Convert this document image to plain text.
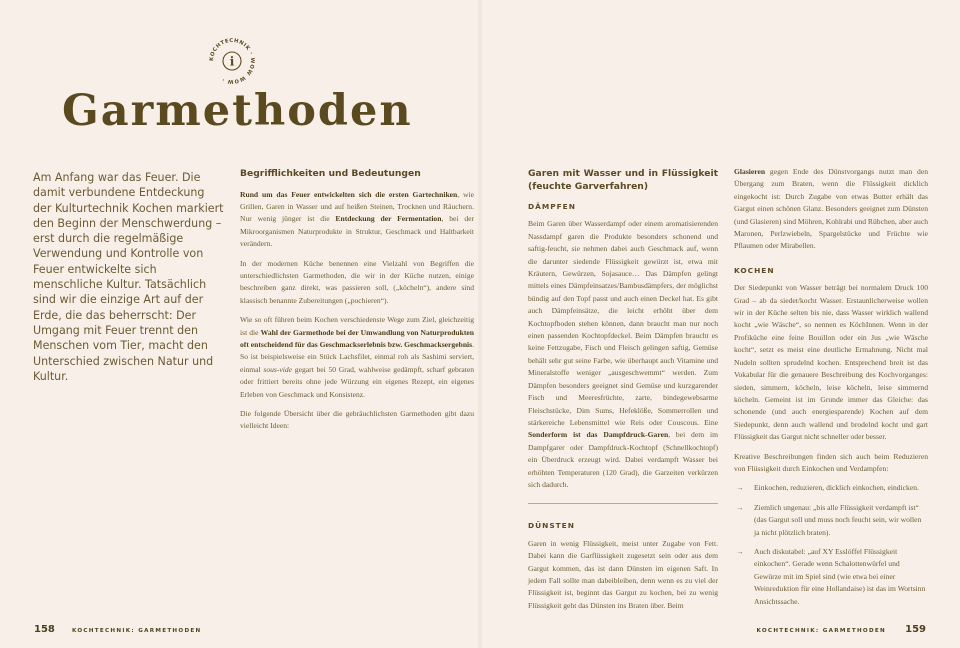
KOCHTECHNIK · WOW WOW ·
i
Garmethoden
Am Anfang war das Feuer. Die damit verbundene Entdeckung der Kulturtechnik Kochen markiert den Beginn der Menschwerdung – erst durch die regelmäßige Verwendung und Kontrolle von Feuer entwickelte sich menschliche Kultur. Tatsächlich sind wir die einzige Art auf der Erde, die das beherrscht: Der Umgang mit Feuer trennt den Menschen vom Tier, macht den Unterschied zwischen Natur und Kultur.
Begrifflichkeiten und Bedeutungen

Rund um das Feuer entwickelten sich die ersten Gartechniken, wie Grillen, Garen in Wasser und auf heißen Steinen, Trocknen und Räuchern. Nur wenig jünger ist die Entdeckung der Fermentation, bei der Mikroorganismen Naturprodukte in Struktur, Geschmack und Haltbarkeit verändern.

In der modernen Küche benennen eine Vielzahl von Begriffen die unterschiedlichsten Garmethoden, die wir in der Küche nutzen, einige beschreiben ganz direkt, was passieren soll, („köcheln“), andere sind klassisch benannte Zubereitungen („pochieren“).

Wie so oft führen beim Kochen verschiedenste Wege zum Ziel, gleichzeitig ist die Wahl der Garmethode bei der Umwandlung von Naturprodukten oft entscheidend für das Geschmackserlebnis bzw. Geschmacksergebnis. So ist beispielsweise ein Stück Lachsfilet, einmal roh als Sashimi serviert, einmal sous-vide gegart bei 50 Grad, wahlweise gedämpft, scharf gebraten oder frittiert bereits ohne jede Würzung ein eigenes Rezept, ein eigenes Erleben von Geschmack und Konsistenz.

Die folgende Übersicht über die gebräuchlichsten Garmethoden gibt dazu vielleicht Ideen:

Garen mit Wasser und in Flüssigkeit (feuchte Garverfahren)
DÄMPFEN

Beim Garen über Wasserdampf oder einem aromatisierenden Nassdampf garen die Produkte besonders schonend und saftig-feucht, sie nehmen dabei auch Geschmack auf, wenn die darunter siedende Flüssigkeit gewürzt ist, etwa mit Kräutern, Gewürzen, Sojasauce… Das Dämpfen gelingt mittels eines Dämpfeinsatzes/Bambusdämpfers, der möglichst bündig auf den Topf passt und auch einen Deckel hat. Es gibt auch Dämpfeinsätze, die leicht erhöht über dem Kochtopfboden stehen können, dann braucht man nur noch einen passenden Kochtopfdeckel. Beim Dämpfen braucht es keine Fettzugabe, Fisch und Fleisch gelingen saftig, Gemüse behält sehr gut seine Farbe, wie überhaupt auch Vitamine und Mineralstoffe weniger „ausgeschwemmt“ werden. Zum Dämpfen besonders geeignet sind Gemüse und kurzgarender Fisch und Meeresfrüchte, zarte, bindegewebsarme Fleischstücke, Dim Sums, Hefeklöße, Sommerrollen und stärkereiche Lebensmittel wie Reis oder Couscous. Eine Sonderform ist das Dampfdruck-Garen, bei dem im Dampfgarer oder Dampfdruck-Kochtopf (Schnellkochtopf) ein Überdruck erzeugt wird. Dabei verdampft Wasser bei erhöhten Temperaturen (120 Grad), die Garzeiten verkürzen sich dadurch.

DÜNSTEN

Garen in wenig Flüssigkeit, meist unter Zugabe von Fett. Dabei kann die Garflüssigkeit zugesetzt sein oder aus dem Gargut kommen, das ist dann Dünsten im eigenen Saft. In jedem Fall sollte man dabeibleiben, denn wenn es zu viel der Flüssigkeit ist, beginnt das Gargut zu kochen, bei zu wenig Flüssigkeit geht das Dünsten ins Braten über. Beim

Glasieren gegen Ende des Dünstvorgangs nutzt man den Übergang zum Braten, wenn die Flüssigkeit dicklich eingekocht ist: Durch Zugabe von etwas Butter erhält das Gargut einen schönen Glanz. Besonders geeignet zum Dünsten (und Glasieren) sind Möhren, Kohlrabi und Rübchen, aber auch Maronen, Perlzwiebeln, Spargelstücke und Früchte wie Pflaumen oder Mirabellen.

KOCHEN

Der Siedepunkt von Wasser beträgt bei normalem Druck 100 Grad – ab da siedet/kocht Wasser. Erstaunlicherweise wollen wir in der Küche selten bis nie, dass Wasser wirklich wallend kocht „wie Wäsche“, so nennen es KöchInnen. Wenn in der Profiküche eine feine Bouillon oder ein Jus „wie Wäsche kocht“, setzt es meist eine deutliche Ermahnung. Nicht mal Nudeln sollten sprudelnd kochen. Entsprechend breit ist das Vokabular für die genauere Beschreibung des Kochvorganges: sieden, simmern, köcheln, leise köcheln, leise simmernd köcheln. Gemeint ist im Grunde immer das Gleiche: das schonende (und auch energiesparende) Kochen auf dem Siedepunkt, denn auch wallend und brodelnd kocht und gart Flüssigkeit das Gargut nicht schneller oder besser.

Kreative Beschreibungen finden sich auch beim Reduzieren von Flüssigkeit durch Einkochen und Verdampfen:

→ Einkochen, reduzieren, dicklich einkochen, eindicken.
→ Ziemlich ungenau: „bis alle Flüssigkeit verdampft ist“ (das Gargut soll und muss noch feucht sein, wir wollen ja nicht plötzlich braten).
→ Auch diskutabel: „auf XY Esslöffel Flüssigkeit einkochen“. Gerade wenn Schalottenwürfel und Gewürze mit im Spiel sind (wie etwa bei einer Weinreduktion für eine Hollandaise) ist das im Wortsinn Ansichtssache.
158	KOCHTECHNIK: GARMETHODEN	KOCHTECHNIK: GARMETHODEN 159
